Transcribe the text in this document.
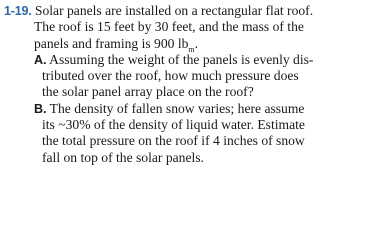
1-19. Solar panels are installed on a rectangular flat roof.
The roof is 15 feet by 30 feet, and the mass of the
panels and framing is 900 $lb_m$.
A. Assuming the weight of the panels is evenly dis-
tributed over the roof, how much pressure does
the solar panel array place on the roof?
B. The density of fallen snow varies; here assume
its ~30% of the density of liquid water. Estimate
the total pressure on the roof if 4 inches of snow
fall on top of the solar panels.
